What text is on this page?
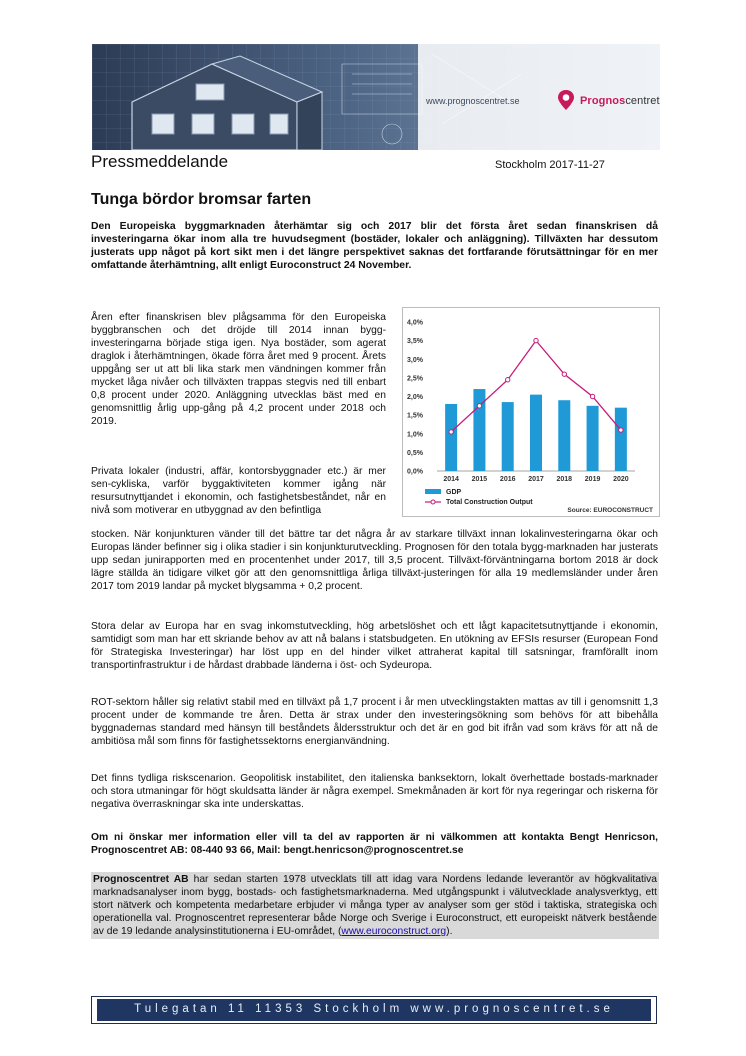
www.prognoscentret.se	Prognoscentret
Pressmeddelande	Stockholm 2017-11-27
Tunga bördor bromsar farten
Den Europeiska byggmarknaden återhämtar sig och 2017 blir det första året sedan finanskrisen då investeringarna ökar inom alla tre huvudsegment (bostäder, lokaler och anläggning). Tillväxten har dessutom justerats upp något på kort sikt men i det längre perspektivet saknas det fortfarande förutsättningar för en mer omfattande återhämtning, allt enligt Euroconstruct 24 November.
Åren efter finanskrisen blev plågsamma för den Europeiska byggbranschen och det dröjde till 2014 innan bygg-investeringarna började stiga igen. Nya bostäder, som agerat draglok i återhämtningen, ökade förra året med 9 procent. Årets uppgång ser ut att bli lika stark men vändningen kommer från mycket låga nivåer och tillväxten trappas stegvis ned till enbart 0,8 procent under 2020. Anläggning utvecklas bäst med en genomsnittlig årlig upp-gång på 4,2 procent under 2018 och 2019.
Privata lokaler (industri, affär, kontorsbyggnader etc.) är mer sen-cykliska, varför byggaktiviteten kommer igång när resursutnyttjandet i ekonomin, och fastighetsbeståndet, når en nivå som motiverar en utbyggnad av den befintliga
stocken. När konjunkturen vänder till det bättre tar det några år av starkare tillväxt innan lokalinvesteringarna ökar och Europas länder befinner sig i olika stadier i sin konjunkturutveckling. Prognosen för den totala bygg-marknaden har justerats upp sedan junirapporten med en procentenhet under 2017, till 3,5 procent. Tillväxt-förväntningarna bortom 2018 är dock lägre ställda än tidigare vilket gör att den genomsnittliga årliga tillväxt-justeringen för alla 19 medlemsländer under åren 2017 tom 2019 landar på mycket blygsamma + 0,2 procent.
Stora delar av Europa har en svag inkomstutveckling, hög arbetslöshet och ett lågt kapacitetsutnyttjande i ekonomin, samtidigt som man har ett skriande behov av att nå balans i statsbudgeten. En utökning av EFSIs resurser (European Fond för Strategiska Investeringar) har löst upp en del hinder vilket attraherat kapital till satsningar, framförallt inom transportinfrastruktur i de hårdast drabbade länderna i öst- och Sydeuropa.
ROT-sektorn håller sig relativt stabil med en tillväxt på 1,7 procent i år men utvecklingstakten mattas av till i genomsnitt 1,3 procent under de kommande tre åren. Detta är strax under den investeringsökning som behövs för att bibehålla byggnadernas standard med hänsyn till beståndets åldersstruktur och det är en god bit ifrån vad som krävs för att nå de ambitiösa mål som finns för fastighetssektorns energianvändning.
Det finns tydliga riskscenarion. Geopolitisk instabilitet, den italienska banksektorn, lokalt överhettade bostads-marknader och stora utmaningar för högt skuldsatta länder är några exempel. Smekmånaden är kort för nya regeringar och riskerna för negativa överraskningar ska inte underskattas.
Om ni önskar mer information eller vill ta del av rapporten är ni välkommen att kontakta Bengt Henricson, Prognoscentret AB: 08-440 93 66, Mail: bengt.henricson@prognoscentret.se
Prognoscentret AB har sedan starten 1978 utvecklats till att idag vara Nordens ledande leverantör av högkvalitativa marknadsanalyser inom bygg, bostads- och fastighetsmarknaderna. Med utgångspunkt i välutvecklade analysverktyg, ett stort nätverk och kompetenta medarbetare erbjuder vi många typer av analyser som ger stöd i taktiska, strategiska och operationella val. Prognoscentret representerar både Norge och Sverige i Euroconstruct, ett europeiskt nätverk bestående av de 19 ledande analysinstitutionerna i EU-området, (www.euroconstruct.org).
0,0%
0,5%
1,0%
1,5%
2,0%
2,5%
3,0%
3,5%
4,0%
2014 2015 2016 2017 2018 2019 2020
GDP
Total Construction Output
Source: EUROCONSTRUCT
Tulegatan 11 11353 Stockholm www.prognoscentret.se
